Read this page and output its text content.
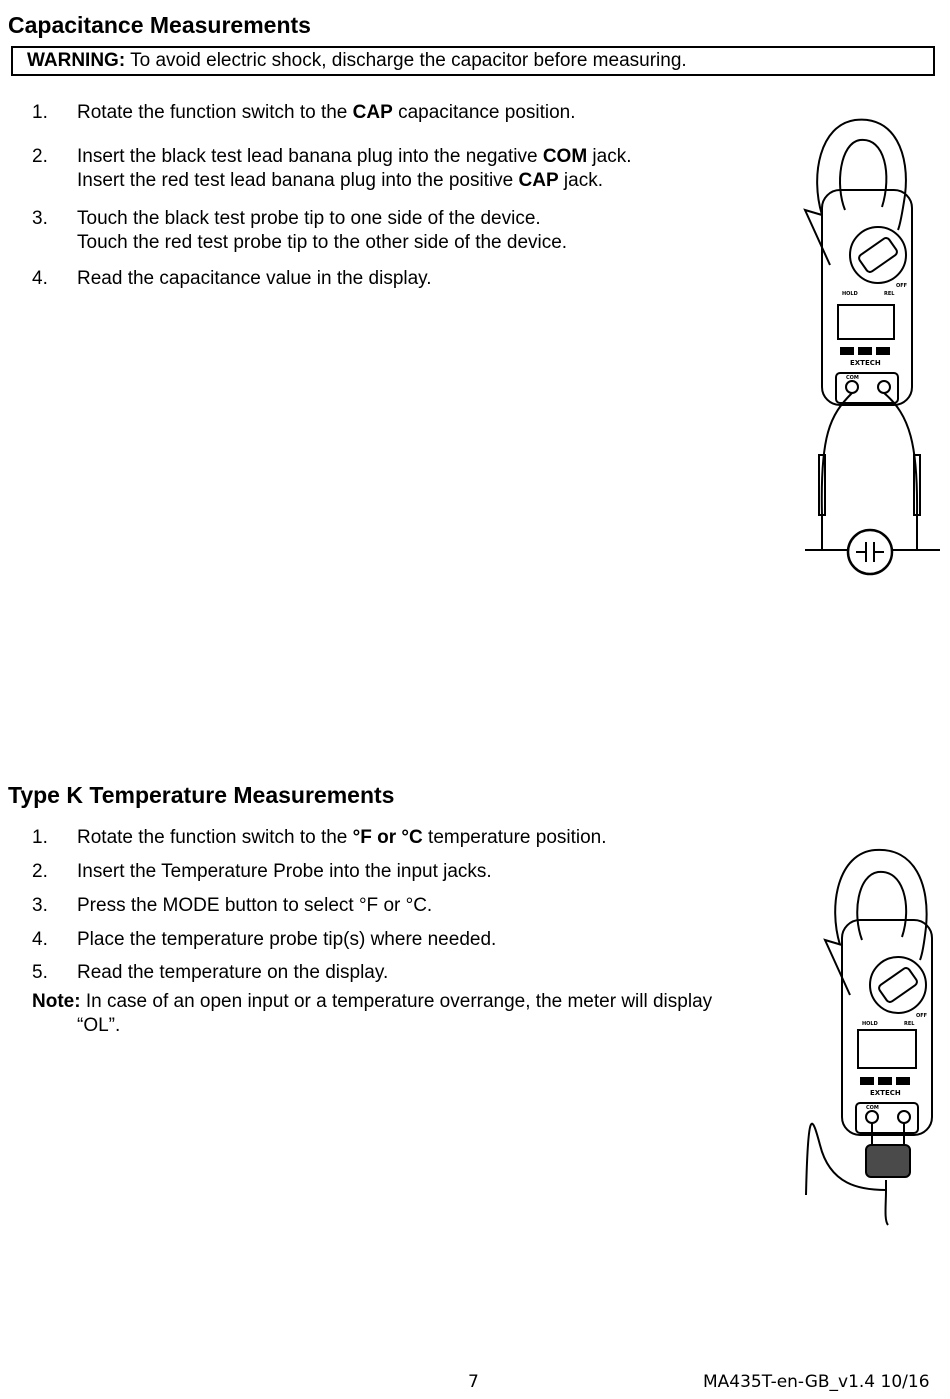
Capacitance Measurements
WARNING: To avoid electric shock, discharge the capacitor before measuring.
1.	Rotate the function switch to the CAP capacitance position.
2.	Insert the black test lead banana plug into the negative COM jack.
Insert the red test lead banana plug into the positive CAP jack.
3.	Touch the black test probe tip to one side of the device.
Touch the red test probe tip to the other side of the device.
4.	Read the capacitance value in the display.	OFF
HOLD	REL
EXTECH
COM
Type K Temperature Measurements
1.	Rotate the function switch to the °F or °C temperature position.
2.	Insert the Temperature Probe into the input jacks.
3.	Press the MODE button to select °F or °C.
4.	Place the temperature probe tip(s) where needed.
5.	Read the temperature on the display.
Note: In case of an open input or a temperature overrange, the meter will display
“OL”.	OFF
HOLD	REL
EXTECH
COM
7	MA435T-en-GB_v1.4 10/16
